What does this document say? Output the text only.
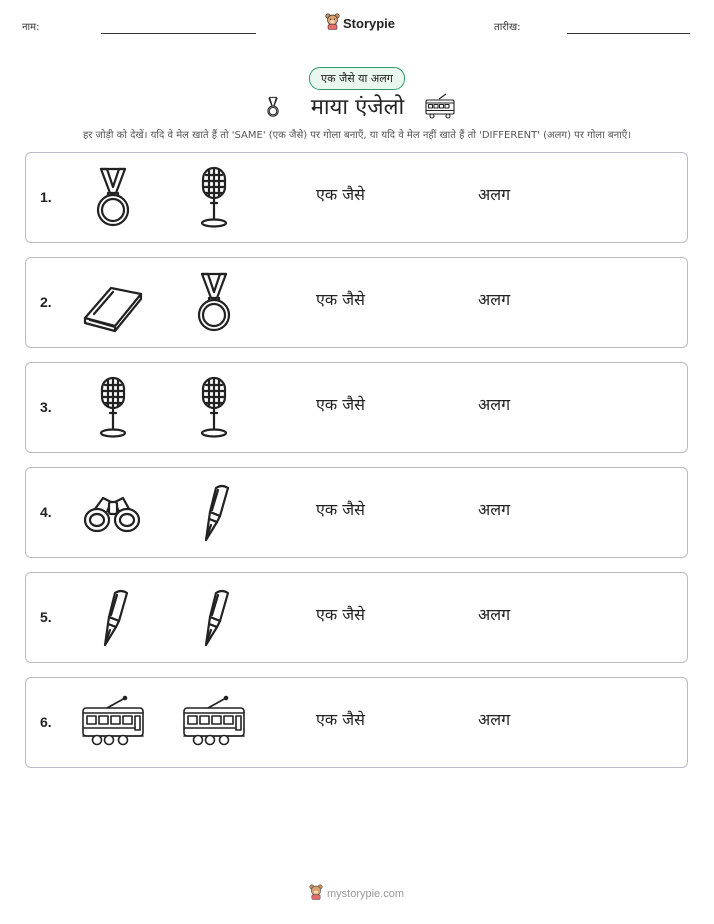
नाम:	Storypie	तारीख:
एक जैसे या अलग
माया एंजेलो
हर जोड़ी को देखें। यदि वे मेल खाते हैं तो 'SAME' (एक जैसे) पर गोला बनाएँ, या यदि वे मेल नहीं खाते हैं तो 'DIFFERENT' (अलग) पर गोला बनाएँ।
1.	एक जैसे	अलग
2.	एक जैसे	अलग
3.	एक जैसे	अलग
4.	एक जैसे	अलग
5.	एक जैसे	अलग
6.	एक जैसे	अलग
mystorypie.com
